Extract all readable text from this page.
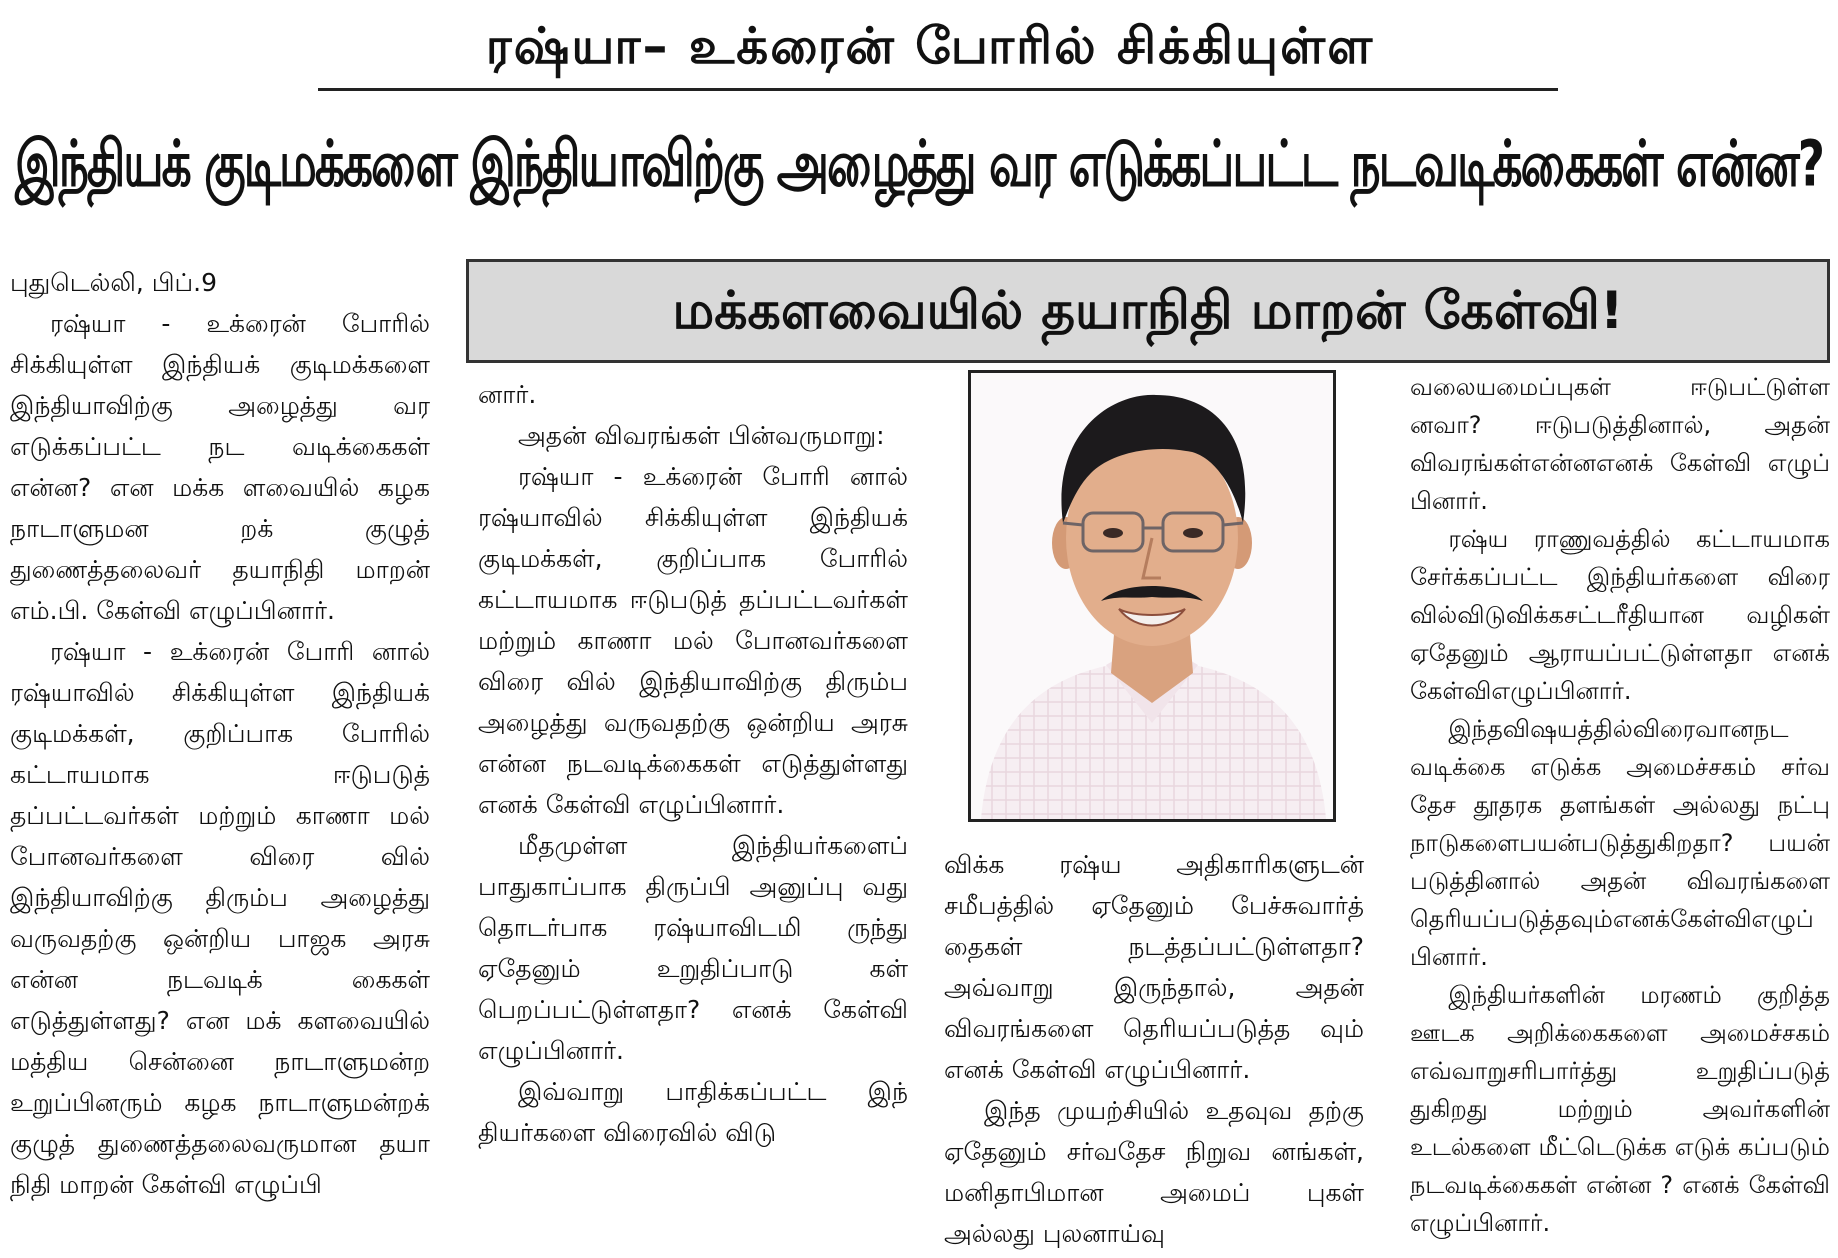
ரஷ்யா– உக்ரைன் போரில் சிக்கியுள்ள
இந்தியக் குடிமக்களை இந்தியாவிற்கு அழைத்து வர எடுக்கப்பட்ட நடவடிக்கைகள் என்ன?
மக்களவையில் தயாநிதி மாறன் கேள்வி!

புதுடெல்லி, பிப்.9

ரஷ்யா - உக்ரைன் போரில் சிக்கியுள்ள இந்தியக் குடிமக்களை இந்தியாவிற்கு அழைத்து வர எடுக்கப்பட்ட நட வடிக்கைகள் என்ன? என மக்க ளவையில் கழக நாடாளுமன றக் குழுத் துணைத்தலைவர் தயாநிதி மாறன் எம்.பி. கேள்வி எழுப்பினார்.

ரஷ்யா - உக்ரைன் போரி னால் ரஷ்யாவில் சிக்கியுள்ள இந்தியக் குடிமக்கள், குறிப்பாக போரில் கட்டாயமாக ஈடுபடுத் தப்பட்டவர்கள் மற்றும் காணா மல் போனவர்களை விரை வில் இந்தியாவிற்கு திரும்ப அழைத்து வருவதற்கு ஒன்றிய பாஜக அரசு என்ன நடவடிக் கைகள் எடுத்துள்ளது? என மக் களவையில் மத்திய சென்னை நாடாளுமன்ற உறுப்பினரும் கழக நாடாளுமன்றக் குழுத் துணைத்தலைவருமான தயா நிதி மாறன் கேள்வி எழுப்பி

னார்.

அதன் விவரங்கள் பின்வருமாறு:

ரஷ்யா - உக்ரைன் போரி னால் ரஷ்யாவில் சிக்கியுள்ள இந்தியக் குடிமக்கள், குறிப்பாக போரில் கட்டாயமாக ஈடுபடுத் தப்பட்டவர்கள் மற்றும் காணா மல் போனவர்களை விரை வில் இந்தியாவிற்கு திரும்ப அழைத்து வருவதற்கு ஒன்றிய அரசு என்ன நடவடிக்கைகள் எடுத்துள்ளது எனக் கேள்வி எழுப்பினார்.

மீதமுள்ள இந்தியர்களைப் பாதுகாப்பாக திருப்பி அனுப்பு வது தொடர்பாக ரஷ்யாவிடமி ருந்து ஏதேனும் உறுதிப்பாடு கள் பெறப்பட்டுள்ளதா? எனக் கேள்வி எழுப்பினார்.

இவ்வாறு பாதிக்கப்பட்ட இந் தியர்களை விரைவில் விடு

விக்க ரஷ்ய அதிகாரிகளுடன் சமீபத்தில் ஏதேனும் பேச்சுவார்த் தைகள் நடத்தப்பட்டுள்ளதா? அவ்வாறு இருந்தால், அதன் விவரங்களை தெரியப்படுத்த வும் எனக் கேள்வி எழுப்பினார்.

இந்த முயற்சியில் உதவுவ தற்கு ஏதேனும் சர்வதேச நிறுவ னங்கள், மனிதாபிமான அமைப் புகள் அல்லது புலனாய்வு

வலையமைப்புகள் ஈடுபட்டுள்ள னவா? ஈடுபடுத்தினால், அதன் விவரங்கள்என்னஎனக் கேள்வி எழுப் பினார்.

ரஷ்ய ராணுவத்தில் கட்டாயமாக சேர்க்கப்பட்ட இந்தியர்களை விரை வில்விடுவிக்கசட்டரீதியான வழிகள் ஏதேனும் ஆராயப்பட்டுள்ளதா எனக் கேள்விஎழுப்பினார்.

இந்தவிஷயத்தில்விரைவானநட வடிக்கை எடுக்க அமைச்சகம் சர்வ தேச தூதரக தளங்கள் அல்லது நட்பு நாடுகளைபயன்படுத்துகிறதா? பயன் படுத்தினால் அதன் விவரங்களை தெரியப்படுத்தவும்எனக்கேள்விஎழுப் பினார்.

இந்தியர்களின் மரணம் குறித்த ஊடக அறிக்கைகளை அமைச்சகம் எவ்வாறுசரிபார்த்து உறுதிப்படுத் துகிறது மற்றும் அவர்களின் உடல்களை மீட்டெடுக்க எடுக் கப்படும் நடவடிக்கைகள் என்ன ? எனக் கேள்வி எழுப்பினார்.
